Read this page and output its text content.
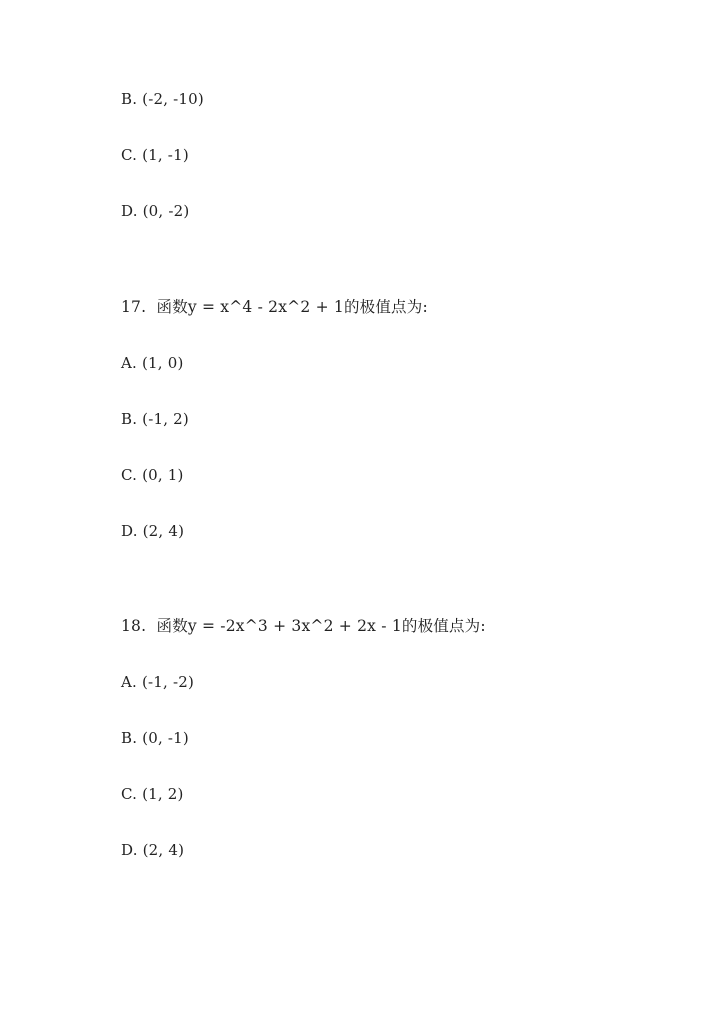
B. (-2, -10)
C. (1, -1)
D. (0, -2)
17.  函数y = x^4 - 2x^2 + 1的极值点为:
A. (1, 0)
B. (-1, 2)
C. (0, 1)
D. (2, 4)
18.  函数y = -2x^3 + 3x^2 + 2x - 1的极值点为:
A. (-1, -2)
B. (0, -1)
C. (1, 2)
D. (2, 4)
